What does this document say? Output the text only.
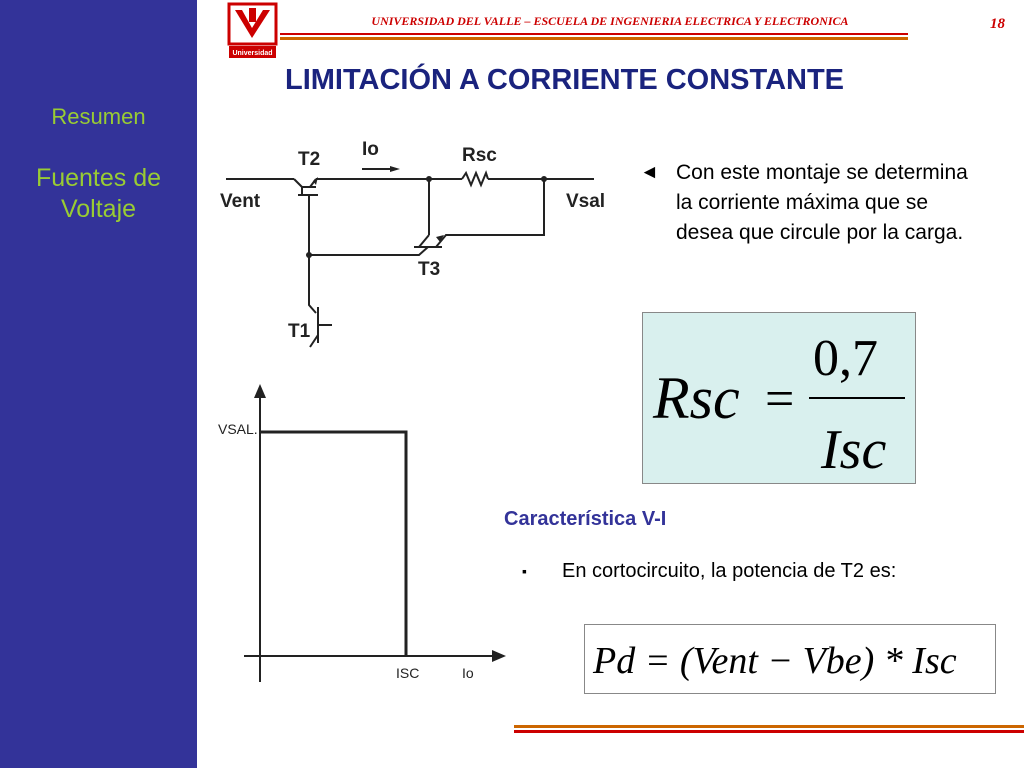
Resumen
Fuentes de Voltaje
Universidad
UNIVERSIDAD DEL VALLE – ESCUELA DE INGENIERIA ELECTRICA Y ELECTRONICA	18
LIMITACIÓN A CORRIENTE CONSTANTE
T2 Io	Rsc
Vent	Vsal
T3
T1
VSAL.
ISC	Io
◄ Con este montaje se determina la corriente máxima que se desea que circule por la carga.
Rsc =
0,7
Isc
Característica V-I
▪ En cortocircuito, la potencia de T2 es:
Pd = (Vent − Vbe) * Isc
